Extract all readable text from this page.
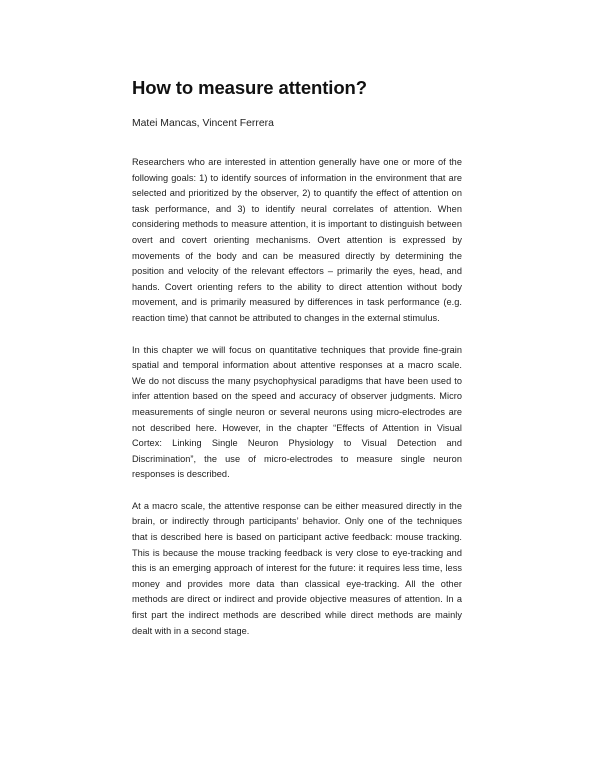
How to measure attention?

Matei Mancas, Vincent Ferrera

Researchers who are interested in attention generally have one or more of the following goals: 1) to identify sources of information in the environment that are selected and prioritized by the observer, 2) to quantify the effect of attention on task performance, and 3) to identify neural correlates of attention. When considering methods to measure attention, it is important to distinguish between overt and covert orienting mechanisms. Overt attention is expressed by movements of the body and can be measured directly by determining the position and velocity of the relevant effectors – primarily the eyes, head, and hands. Covert orienting refers to the ability to direct attention without body movement, and is primarily measured by differences in task performance (e.g. reaction time) that cannot be attributed to changes in the external stimulus.

In this chapter we will focus on quantitative techniques that provide fine-grain spatial and temporal information about attentive responses at a macro scale. We do not discuss the many psychophysical paradigms that have been used to infer attention based on the speed and accuracy of observer judgments. Micro measurements of single neuron or several neurons using micro-electrodes are not described here. However, in the chapter “Effects of Attention in Visual Cortex: Linking Single Neuron Physiology to Visual Detection and Discrimination”, the use of micro-electrodes to measure single neuron responses is described.

At a macro scale, the attentive response can be either measured directly in the brain, or indirectly through participants’ behavior. Only one of the techniques that is described here is based on participant active feedback: mouse tracking. This is because the mouse tracking feedback is very close to eye-tracking and this is an emerging approach of interest for the future: it requires less time, less money and provides more data than classical eye-tracking. All the other methods are direct or indirect and provide objective measures of attention. In a first part the indirect methods are described while direct methods are mainly dealt with in a second stage.
